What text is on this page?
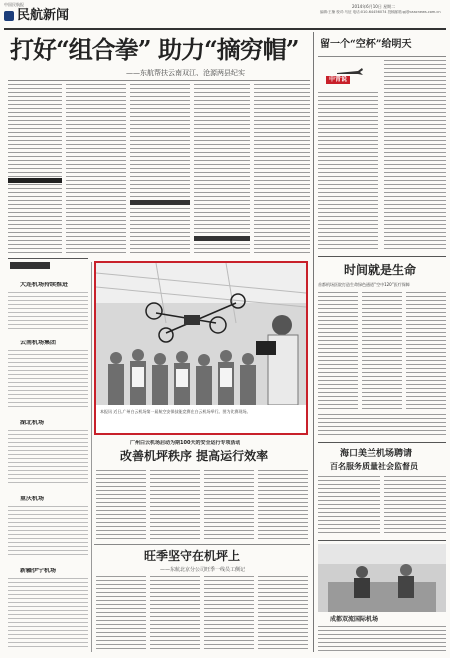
中国民航报
民航新闻
2014年6月10日 星期二
编辑:王楠 校对:马征 电话:010-64456074 投稿邮箱:gj@caacnews.com.cn
打好“组合拳” 助力“摘穷帽”
——东航帮扶云南双江、沧源两县纪实
大连机场持续推进
云南机场集团
湖北机场
重庆机场
新疆伊宁机场
本报讯 近日,广州白云机场第一届航空安保技能竞赛在白云机场举行。图为比赛现场。
广州白云机场启动为期100天的安全运行专项活动
改善机坪秩序 提高运行效率
旺季坚守在机坪上
——东航北京分公司旺季一线员工侧记
留一个“空杯”给明天
中青说
时间就是生命
首都机场医院打造生命绿色通道“空中120”医疗保障
海口美兰机场聘请
百名服务质量社会监督员
成都双流国际机场
